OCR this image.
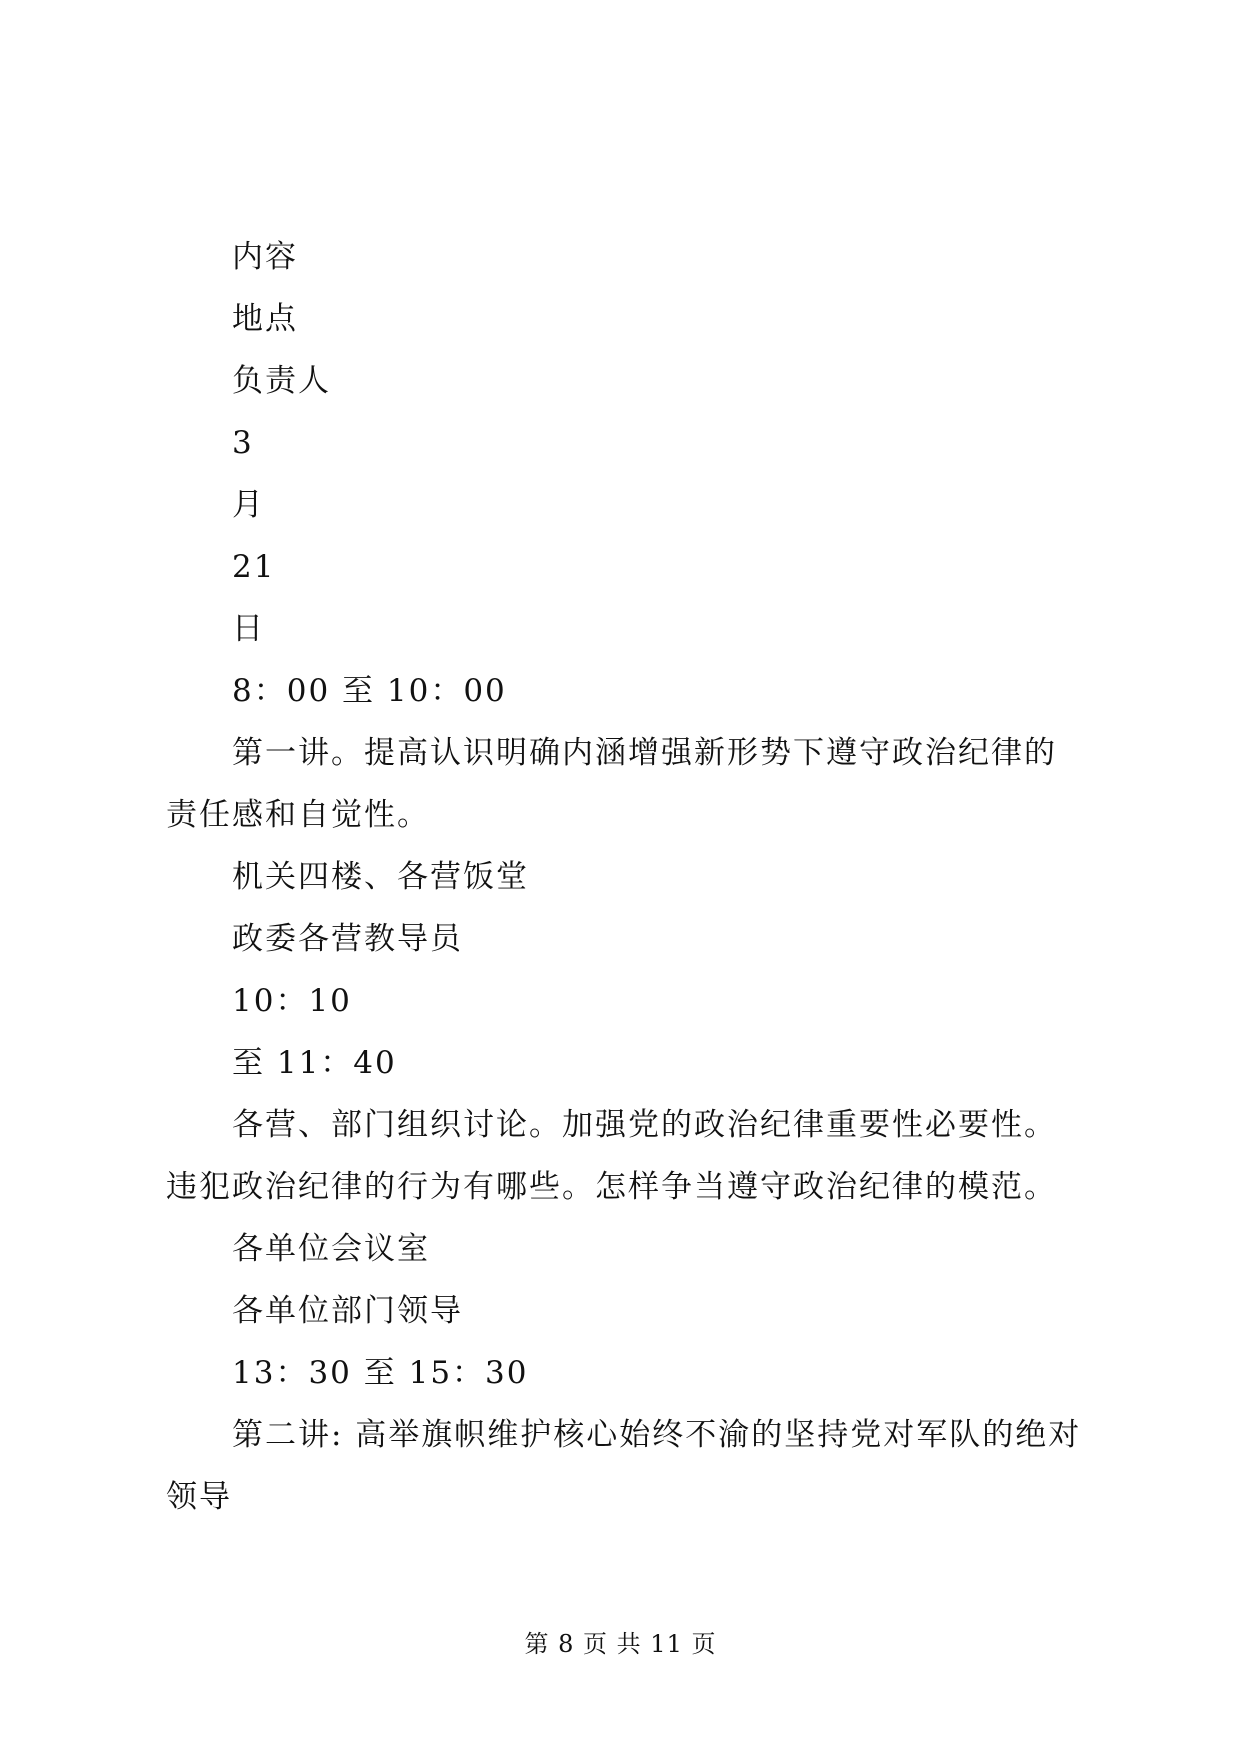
内容

地点

负责人

3

月

21

日

8：00 至 10：00

第一讲。提高认识明确内涵增强新形势下遵守政治纪律的责任感和自觉性。

机关四楼、各营饭堂

政委各营教导员

10：10

至 11：40

各营、部门组织讨论。加强党的政治纪律重要性必要性。违犯政治纪律的行为有哪些。怎样争当遵守政治纪律的模范。

各单位会议室

各单位部门领导

13：30 至 15：30

第二讲: 高举旗帜维护核心始终不渝的坚持党对军队的绝对领导

第 8 页 共 11 页
